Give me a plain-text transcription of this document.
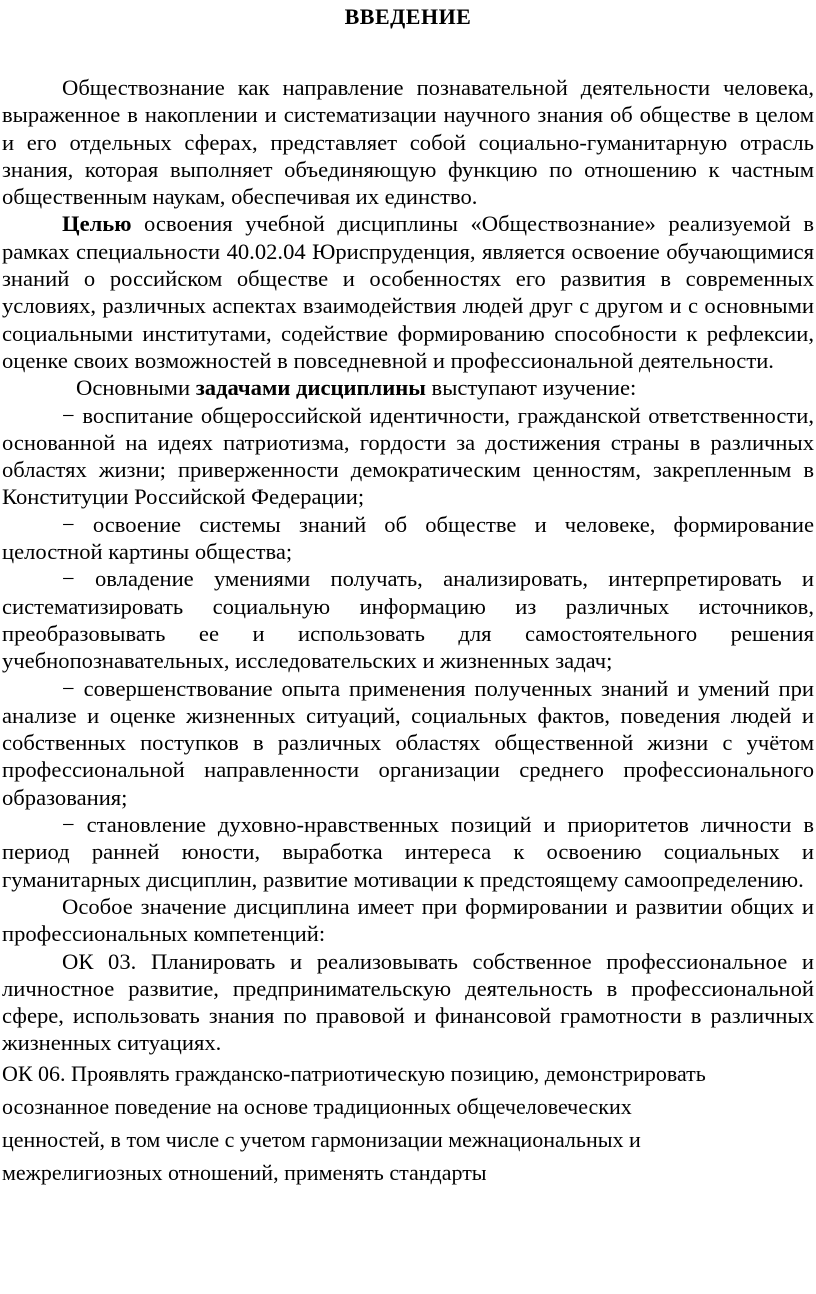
ВВЕДЕНИЕ

Обществознание как направление познавательной деятельности человека, выраженное в накоплении и систематизации научного знания об обществе в целом и его отдельных сферах, представляет собой социально-гуманитарную отрасль знания, которая выполняет объединяющую функцию по отношению к частным общественным наукам, обеспечивая их единство.

Целью освоения учебной дисциплины «Обществознание» реализуемой в рамках специальности 40.02.04 Юриспруденция, является освоение обучающимися знаний о российском обществе и особенностях его развития в современных условиях, различных аспектах взаимодействия людей друг с другом и с основными социальными институтами, содействие формированию способности к рефлексии, оценке своих возможностей в повседневной и профессиональной деятельности.

Основными задачами дисциплины выступают изучение:

− воспитание общероссийской идентичности, гражданской ответственности, основанной на идеях патриотизма, гордости за достижения страны в различных областях жизни; приверженности демократическим ценностям, закрепленным в Конституции Российской Федерации;

− освоение системы знаний об обществе и человеке, формирование целостной картины общества;

− овладение умениями получать, анализировать, интерпретировать и систематизировать социальную информацию из различных источников, преобразовывать ее и использовать для самостоятельного решения учебнопознавательных, исследовательских и жизненных задач;

− совершенствование опыта применения полученных знаний и умений при анализе и оценке жизненных ситуаций, социальных фактов, поведения людей и собственных поступков в различных областях общественной жизни с учётом профессиональной направленности организации среднего профессионального образования;

− становление духовно-нравственных позиций и приоритетов личности в период ранней юности, выработка интереса к освоению социальных и гуманитарных дисциплин, развитие мотивации к предстоящему самоопределению.

Особое значение дисциплина имеет при формировании и развитии общих и профессиональных компетенций:

ОК 03. Планировать и реализовывать собственное профессиональное и личностное развитие, предпринимательскую деятельность в профессиональной сфере, использовать знания по правовой и финансовой грамотности в различных жизненных ситуациях.

ОК 06. Проявлять гражданско-патриотическую позицию, демонстрировать

осознанное поведение на основе традиционных общечеловеческих

ценностей, в том числе с учетом гармонизации межнациональных и

межрелигиозных отношений, применять стандарты
